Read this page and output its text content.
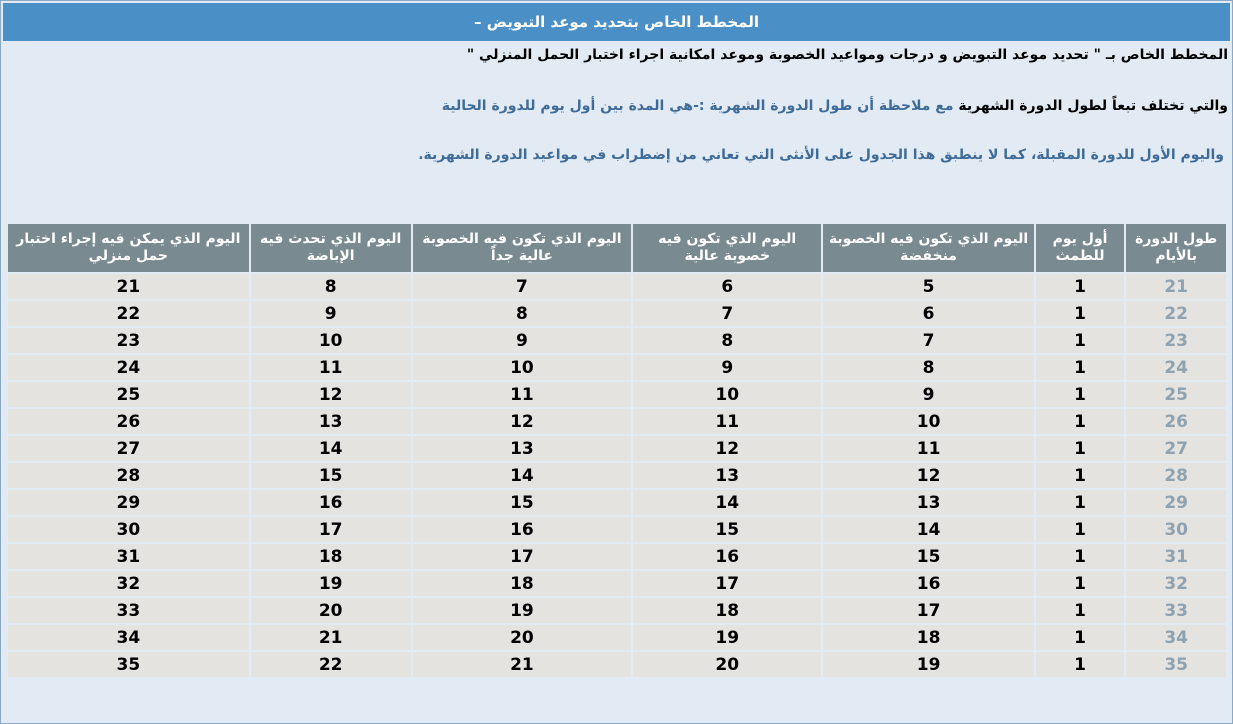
المخطط الخاص بتحديد موعد التبويض –
المخطط الخاص بـ " تحديد موعد التبويض و درجات ومواعيد الخصوبة وموعد امكانية اجراء اختبار الحمل المنزلي "
والتي تختلف تبعاً لطول الدورة الشهرية مع ملاحظة أن طول الدورة الشهرية :-هي المدة بين أول يوم للدورة الحالية
واليوم الأول للدورة المقبلة، كما لا ينطبق هذا الجدول على الأنثى التي تعاني من إضطراب في مواعيد الدورة الشهرية.
طول الدورة بالأيام	أول يوم للطمث	اليوم الذي تكون فيه الخصوبة منخفضة	اليوم الذي تكون فيه خصوبة عالية	اليوم الذي تكون فيه الخصوبة عالية جداً	اليوم الذي تحدث فيه الإباضة	اليوم الذي يمكن فيه إجراء اختبار حمل منزلي
21	1	5	6	7	8	21
22	1	6	7	8	9	22
23	1	7	8	9	10	23
24	1	8	9	10	11	24
25	1	9	10	11	12	25
26	1	10	11	12	13	26
27	1	11	12	13	14	27
28	1	12	13	14	15	28
29	1	13	14	15	16	29
30	1	14	15	16	17	30
31	1	15	16	17	18	31
32	1	16	17	18	19	32
33	1	17	18	19	20	33
34	1	18	19	20	21	34
35	1	19	20	21	22	35
